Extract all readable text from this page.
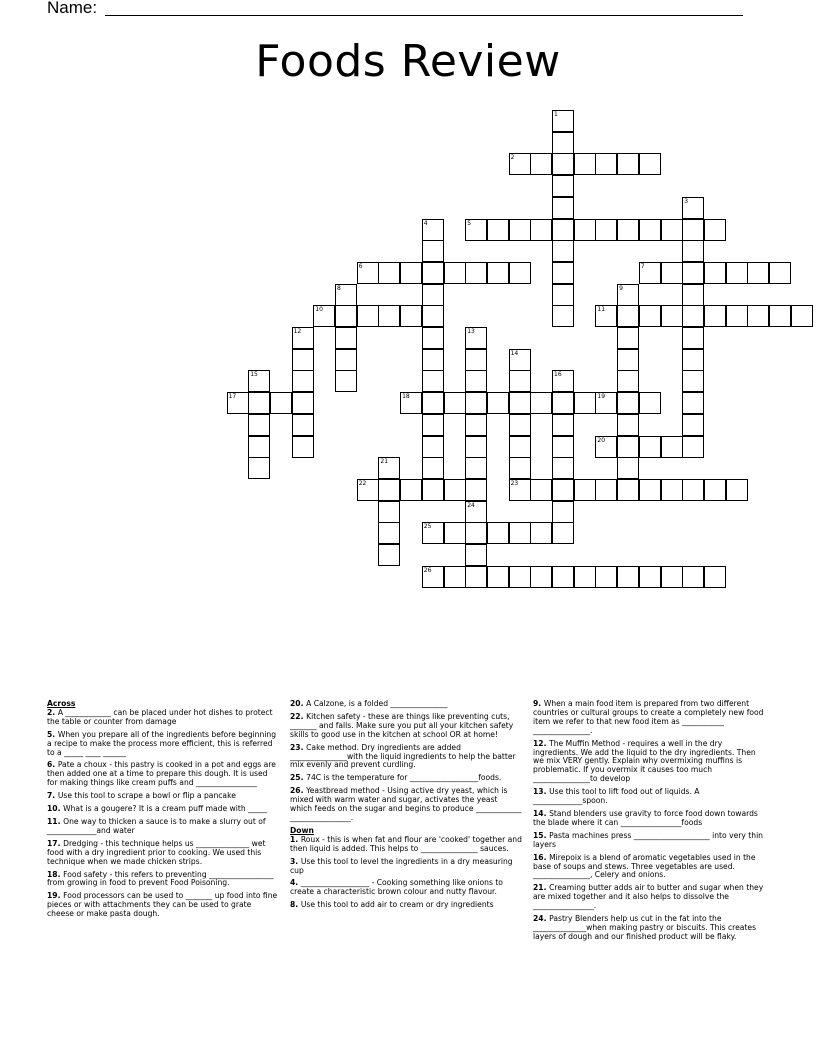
Name:
Foods Review
1
2
3
4	5
6	7
8	9
10	11
12	13
14
15	16
17	18	19
20
21
22	23
24
25
26
Across
2. A ____________ can be placed under hot dishes to protect the table or counter from damage
5. When you prepare all of the ingredients before beginning a recipe to make the process more efficient, this is referred to a _____ ____ ______
6. Pate a choux - this pastry is cooked in a pot and eggs are then added one at a time to prepare this dough. It is used for making things like cream puffs and ________________
7. Use this tool to scrape a bowl or flip a pancake
10. What is a gougere? It is a cream puff made with _____
11. One way to thicken a sauce is to make a slurry out of _____________and water
17. Dredging - this technique helps us ______________ wet food with a dry ingredient prior to cooking. We used this technique when we made chicken strips.
18. Food safety - this refers to preventing _________________ from growing in food to prevent Food Poisoning.
19. Food processors can be used to _______ up food into fine pieces or with attachments they can be used to grate cheese or make pasta dough.
20. A Calzone, is a folded _______________
22. Kitchen safety - these are things like preventing cuts, _______ and falls. Make sure you put all your kitchen safety skills to good use in the kitchen at school OR at home!
23. Cake method. Dry ingredients are added _______________with the liquid ingredients to help the batter mix evenly and prevent curdling.
25. 74C is the temperature for __________________foods.
26. Yeastbread method - Using active dry yeast, which is mixed with warm water and sugar, activates the yeast which feeds on the sugar and begins to produce ____________ ________________.
Down
1. Roux - this is when fat and flour are 'cooked' together and then liquid is added. This helps to _______________ sauces.
3. Use this tool to level the ingredients in a dry measuring cup
4. __________________ - Cooking something like onions to create a characteristic brown colour and nutty flavour.
8. Use this tool to add air to cream or dry ingredients
9. When a main food item is prepared from two different countries or cultural groups to create a completely new food item we refer to that new food item as ___________ _______________.
12. The Muffin Method - requires a well in the dry ingredients. We add the liquid to the dry ingredients. Then we mix VERY gently. Explain why overmixing muffins is problematic. If you overmix it causes too much _______________to develop
13. Use this tool to lift food out of liquids. A _____________spoon.
14. Stand blenders use gravity to force food down towards the blade where it can ________________foods
15. Pasta machines press ____________________ into very thin layers
16. Mirepoix is a blend of aromatic vegetables used in the base of soups and stews. Three vegetables are used. _______________, Celery and onions.
21. Creaming butter adds air to butter and sugar when they are mixed together and it also helps to dissolve the ________________.
24. Pastry Blenders help us cut in the fat into the ______________when making pastry or biscuits. This creates layers of dough and our finished product will be flaky.
